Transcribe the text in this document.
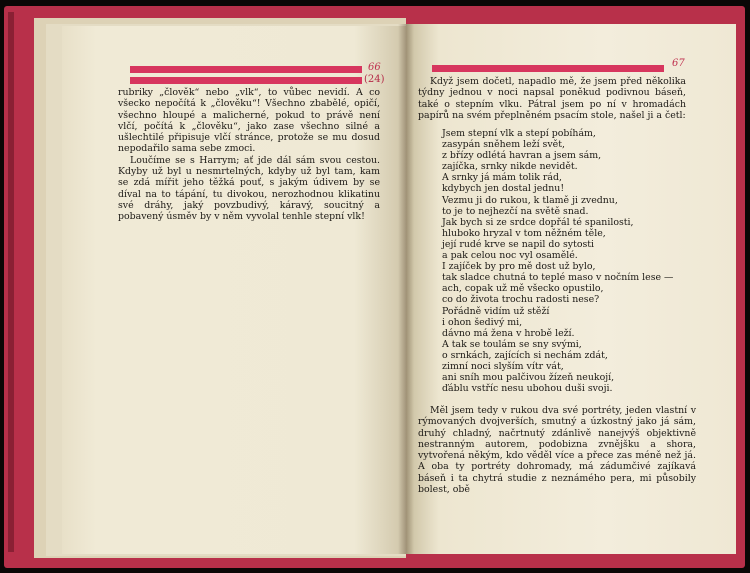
66
(24)

rubriky „člověk“ nebo „vlk“, to vůbec nevidí. A co všecko nepočítá k „člověku“! Všechno zbabělé, opičí, všechno hloupé a malicherné, pokud to právě není vlčí, počítá k „člověku“, jako zase všechno silné a ušlechtilé připisuje vlčí stránce, protože se mu dosud nepodařilo sama sebe zmoci.

Loučíme se s Harrym; ať jde dál sám svou cestou. Kdyby už byl u nesmrtelných, kdyby už byl tam, kam se zdá mířit jeho těžká pouť, s jakým údivem by se díval na to tápání, tu divokou, nerozhodnou klikatinu své dráhy, jaký povzbudivý, káravý, soucitný a pobavený úsměv by v něm vyvolal tenhle stepní vlk!

67

Když jsem dočetl, napadlo mě, že jsem před několika týdny jednou v noci napsal poněkud podivnou báseň, také o stepním vlku. Pátral jsem po ní v hromadách papírů na svém přeplněném psacím stole, našel ji a četl:

Jsem stepní vlk a stepí pobíhám,
zasypán sněhem leží svět,
z břízy odlétá havran a jsem sám,
zajíčka, srnky nikde nevidět.
A srnky já mám tolik rád,
kdybych jen dostal jednu!
Vezmu ji do rukou, k tlamě ji zvednu,
to je to nejhezčí na světě snad.
Jak bych si ze srdce dopřál té spanilosti,
hluboko hryzal v tom něžném těle,
její rudé krve se napil do sytosti
a pak celou noc vyl osamělé.
I zajíček by pro mě dost už bylo,
tak sladce chutná to teplé maso v nočním lese —
ach, copak už mě všecko opustilo,
co do života trochu radosti nese?
Pořádně vidím už stěží
i ohon šedivý mi,
dávno má žena v hrobě leží.
A tak se toulám se sny svými,
o srnkách, zajících si nechám zdát,
zimní noci slyším vítr vát,
ani sníh mou palčivou žízeň neukojí,
ďáblu vstříc nesu ubohou duši svoji.

Měl jsem tedy v rukou dva své portréty, jeden vlastní v rýmovaných dvojverších, smutný a úzkostný jako já sám, druhý chladný, načrtnutý zdánlivě nanejvýš objektivně nestranným autorem, podobizna zvnějšku a shora, vytvořená někým, kdo věděl více a přece zas méně než já. A oba ty portréty dohromady, má zádumčivé zajíkavá báseň i ta chytrá studie z neznámého pera, mi působily bolest, obě
